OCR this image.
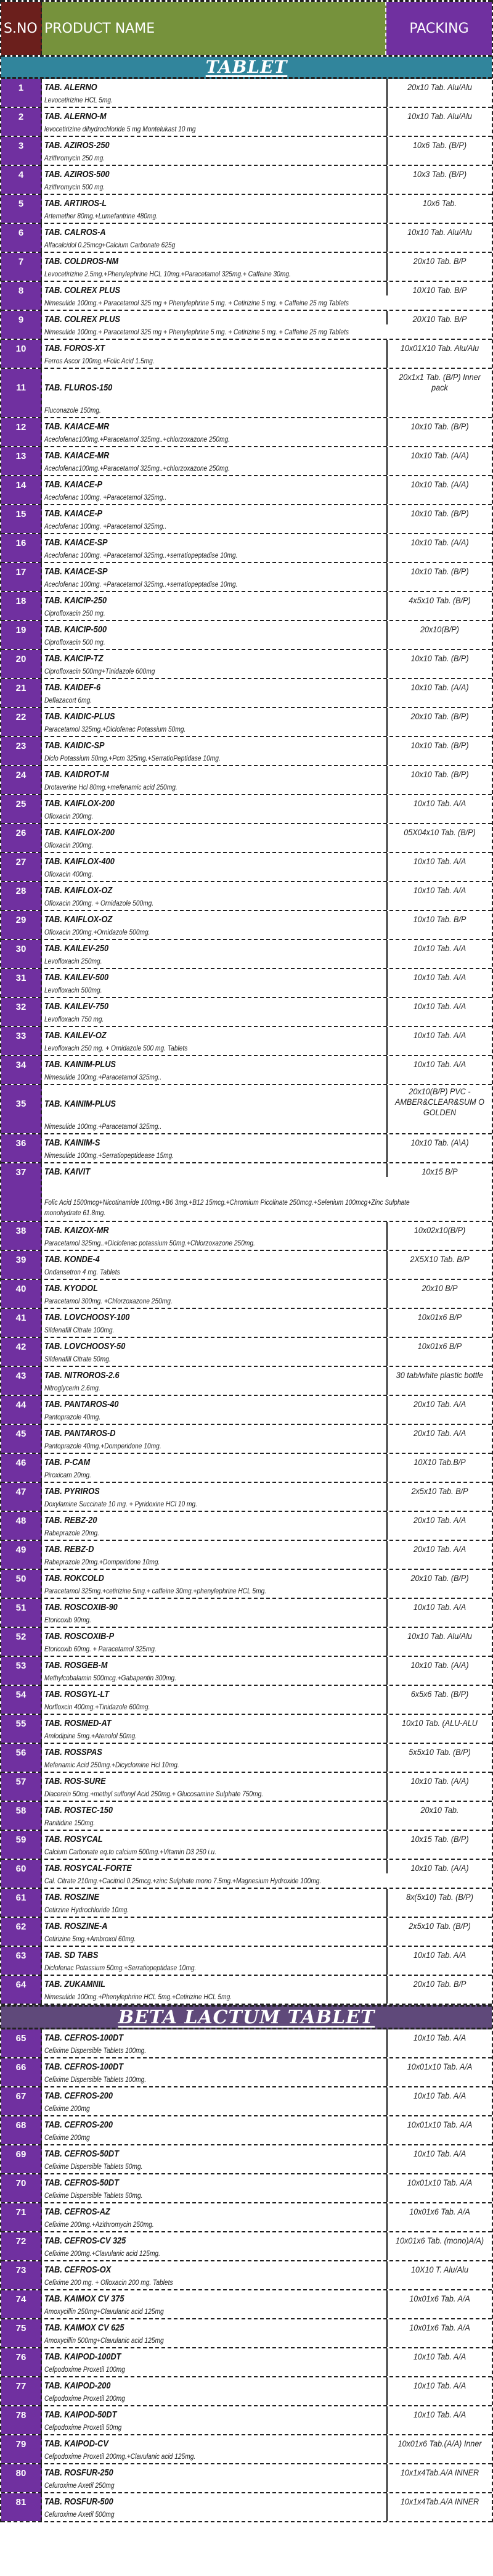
S.NO PRODUCT NAME	PACKING
TABLET
1	TAB. ALERNO
Levocetirizine HCL 5mg.
20x10 Tab. Alu/Alu
2	TAB. ALERNO-M
levocetirizine dihydrochloride 5 mg Montelukast 10 mg
10x10 Tab. Alu/Alu
3	TAB. AZIROS-250
Azithromycin 250 mg.
10x6 Tab. (B/P)
4	TAB. AZIROS-500
Azithromycin 500 mg.
10x3 Tab. (B/P)
5	TAB. ARTIROS-L
Artemether 80mg.+Lumefantrine 480mg.
10x6 Tab.
6	TAB. CALROS-A
Alfacalcidol 0.25mcg+Calcium Carbonate 625g
10x10 Tab. Alu/Alu
7	TAB. COLDROS-NM
Levocetirizine 2.5mg.+Phenylephrine HCL 10mg.+Paracetamol 325mg.+ Caffeine 30mg.
20x10 Tab. B/P
8	TAB. COLREX PLUS
Nimesulide 100mg.+ Paracetamol 325 mg + Phenylephrine 5 mg. + Cetirizine 5 mg. + Caffeine 25 mg Tablets
10X10 Tab. B/P
9	TAB. COLREX PLUS
Nimesulide 100mg.+ Paracetamol 325 mg + Phenylephrine 5 mg. + Cetirizine 5 mg. + Caffeine 25 mg Tablets
20X10 Tab. B/P
10	TAB. FOROS-XT
Ferros Ascor 100mg.+Folic Acid 1.5mg.
10x01X10 Tab. Alu/Alu
11	TAB. FLUROS-150
Fluconazole 150mg.
20x1x1 Tab. (B/P) Inner pack
12	TAB. KAIACE-MR
Aceclofenac100mg.+Paracetamol 325mg..+chlorzoxazone 250mg.
10x10 Tab. (B/P)
13	TAB. KAIACE-MR
Aceclofenac100mg.+Paracetamol 325mg..+chlorzoxazone 250mg.
10x10 Tab. (A/A)
14	TAB. KAIACE-P
Aceclofenac 100mg. +Paracetamol 325mg..
10x10 Tab. (A/A)
15	TAB. KAIACE-P
Aceclofenac 100mg. +Paracetamol 325mg..
10x10 Tab. (B/P)
16	TAB. KAIACE-SP
Aceclofenac 100mg. +Paracetamol 325mg..+serratiopeptadise 10mg.
10x10 Tab. (A/A)
17	TAB. KAIACE-SP
Aceclofenac 100mg. +Paracetamol 325mg..+serratiopeptadise 10mg.
10x10 Tab. (B/P)
18	TAB. KAICIP-250
Ciprofloxacin 250 mg.
4x5x10 Tab. (B/P)
19	TAB. KAICIP-500
Ciprofloxacin 500 mg.
20x10(B/P)
20	TAB. KAICIP-TZ
Ciprofloxacin 500mg+Tinidazole 600mg
10x10 Tab. (B/P)
21	TAB. KAIDEF-6
Deflazacort 6mg.
10x10 Tab. (A/A)
22	TAB. KAIDIC-PLUS
Paracetamol 325mg.+Diclofenac Potassium 50mg.
20x10 Tab. (B/P)
23	TAB. KAIDIC-SP
Diclo Potassium 50mg.+Pcm 325mg.+SerratioPeptidase 10mg.
10x10 Tab. (B/P)
24	TAB. KAIDROT-M
Drotaverine Hcl 80mg.+mefenamic acid 250mg.
10x10 Tab. (B/P)
25	TAB. KAIFLOX-200
Ofloxacin 200mg.
10x10 Tab. A/A
26	TAB. KAIFLOX-200
Ofloxacin 200mg.
05X04x10 Tab. (B/P)
27	TAB. KAIFLOX-400
Ofloxacin 400mg.
10x10 Tab. A/A
28	TAB. KAIFLOX-OZ
Ofloxacin 200mg. + Ornidazole 500mg.
10x10 Tab. A/A
29	TAB. KAIFLOX-OZ
Ofloxacin 200mg.+Ornidazole 500mg.
10x10 Tab. B/P
30	TAB. KAILEV-250
Levofloxacin 250mg.
10x10 Tab. A/A
31	TAB. KAILEV-500
Levofloxacin 500mg.
10x10 Tab. A/A
32	TAB. KAILEV-750
Levofloxacin 750 mg.
10x10 Tab. A/A
33	TAB. KAILEV-OZ
Levofloxacin 250 mg. + Ornidazole 500 mg. Tablets
10x10 Tab. A/A
34	TAB. KAINIM-PLUS
Nimesulide 100mg.+Paracetamol 325mg..
10x10 Tab. A/A
35	TAB. KAINIM-PLUS
Nimesulide 100mg.+Paracetamol 325mg..
20x10(B/P) PVC - AMBER&CLEAR&SUM O GOLDEN
36	TAB. KAINIM-S
Nimesulide 100mg.+Serratiopeptidease 15mg.
10x10 Tab. (A\A)
37	TAB. KAIVIT
Folic Acid 1500mcg+Nicotinamide 100mg.+B6 3mg.+B12 15mcg.+Chromium Picolinate 250mcg.+Selenium 100mcg+Zinc Sulphate monohydrate 61.8mg.
10x15 B/P
38	TAB. KAIZOX-MR
Paracetamol 325mg..+Diclofenac potassium 50mg.+Chlorzoxazone 250mg.
10x02x10(B/P)
39	TAB. KONDE-4
Ondansetron 4 mg. Tablets
2X5X10 Tab. B/P
40	TAB. KYODOL
Paracetamol 300mg. +Chlorzoxazone 250mg.
20x10 B/P
41	TAB. LOVCHOOSY-100
Sildenafill Citrate 100mg.
10x01x6 B/P
42	TAB. LOVCHOOSY-50
Sildenafill Citrate 50mg.
10x01x6 B/P
43	TAB. NITROROS-2.6
Nitroglycerin 2.6mg.
30 tab/white plastic bottle
44	TAB. PANTAROS-40
Pantoprazole 40mg.
20x10 Tab. A/A
45	TAB. PANTAROS-D
Pantoprazole 40mg.+Domperidone 10mg.
20x10 Tab. A/A
46	TAB. P-CAM
Piroxicam 20mg.
10X10 Tab.B/P
47	TAB. PYRIROS
Doxylamine Succinate 10 mg. + Pyridoxine HCl 10 mg.
2x5x10 Tab. B/P
48	TAB. REBZ-20
Rabeprazole 20mg.
20x10 Tab. A/A
49	TAB. REBZ-D
Rabeprazole 20mg.+Domperidone 10mg.
20x10 Tab. A/A
50	TAB. ROKCOLD
Paracetamol 325mg.+cetirizine 5mg.+ caffeine 30mg.+phenylephrine HCL 5mg.
20x10 Tab. (B/P)
51	TAB. ROSCOXIB-90
Etoricoxib 90mg.
10x10 Tab. A/A
52	TAB. ROSCOXIB-P
Etoricoxib 60mg. + Paracetamol 325mg.
10x10 Tab. Alu/Alu
53	TAB. ROSGEB-M
Methylcobalamin 500mcg.+Gabapentin 300mg.
10x10 Tab. (A/A)
54	TAB. ROSGYL-LT
Norfloxcin 400mg.+Tinidazole 600mg.
6x5x6 Tab. (B/P)
55	TAB. ROSMED-AT
Amlodipine 5mg.+Atenolol 50mg.
10x10 Tab. (ALU-ALU
56	TAB. ROSSPAS
Mefenamic Acid 250mg.+Dicyclomine Hcl 10mg.
5x5x10 Tab. (B/P)
57	TAB. ROS-SURE
Diacerein 50mg.+methyl sulfonyl Acid 250mg.+ Glucosamine Sulphate 750mg.
10x10 Tab. (A/A)
58	TAB. ROSTEC-150
Ranitidine 150mg.
20x10 Tab.
59	TAB. ROSYCAL
Calcium Carbonate eq.to calcium 500mg.+Vitamin D3 250 i.u.
10x15 Tab. (B/P)
60	TAB. ROSYCAL-FORTE
Cal. Citrate 210mg.+Cacitriol 0.25mcg.+zinc Sulphate mono 7.5mg.+Magnesium Hydroxide 100mg.
10x10 Tab. (A/A)
61	TAB. ROSZINE
Cetirzine Hydrochloride 10mg.
8x(5x10) Tab. (B/P)
62	TAB. ROSZINE-A
Cetirizine 5mg.+Ambroxol 60mg.
2x5x10 Tab. (B/P)
63	TAB. SD TABS
Diclofenac Potassium 50mg.+Serratiopeptidase 10mg.
10x10 Tab. A/A
64	TAB. ZUKAMNIL
Nimesulide 100mg.+Phenylephrine HCL 5mg.+Cetirizine HCL 5mg.
20x10 Tab. B/P
BETA LACTUM TABLET
65	TAB. CEFROS-100DT
Cefixime Dispersible Tablets 100mg.
10x10 Tab. A/A
66	TAB. CEFROS-100DT
Cefixime Dispersible Tablets 100mg.
10x01x10 Tab. A/A
67	TAB. CEFROS-200
Cefixime 200mg
10x10 Tab. A/A
68	TAB. CEFROS-200
Cefixime 200mg
10x01x10 Tab. A/A
69	TAB. CEFROS-50DT
Cefixime Dispersible Tablets 50mg.
10x10 Tab. A/A
70	TAB. CEFROS-50DT
Cefixime Dispersible Tablets 50mg.
10x01x10 Tab. A/A
71	TAB. CEFROS-AZ
Cefixime 200mg.+Azithromycin 250mg.
10x01x6 Tab. A/A
72	TAB. CEFROS-CV 325
Cefixime 200mg.+Clavulanic acid 125mg.
10x01x6 Tab. (mono)A/A)
73	TAB. CEFROS-OX
Cefixime 200 mg. + Ofloxacin 200 mg. Tablets
10X10 T. Alu/Alu
74	TAB. KAIMOX CV 375
Amoxycillin 250mg+Clavulanic acid 125mg
10x01x6 Tab. A/A
75	TAB. KAIMOX CV 625
Amoxycillin 500mg+Clavulanic acid 125mg
10x01x6 Tab. A/A
76	TAB. KAIPOD-100DT
Cefpodoxime Proxetil 100mg
10x10 Tab. A/A
77	TAB. KAIPOD-200
Cefpodoxime Proxetil 200mg
10x10 Tab. A/A
78	TAB. KAIPOD-50DT
Cefpodoxime Proxetil 50mg
10x10 Tab. A/A
79	TAB. KAIPOD-CV
Cefpodoxime Proxetil 200mg.+Clavulanic acid 125mg.
10x01x6 Tab.(A/A) Inner
80	TAB. ROSFUR-250
Cefuroxime Axetil 250mg
10x1x4Tab.A/A INNER
81	TAB. ROSFUR-500
Cefuroxime Axetil 500mg
10x1x4Tab.A/A INNER
